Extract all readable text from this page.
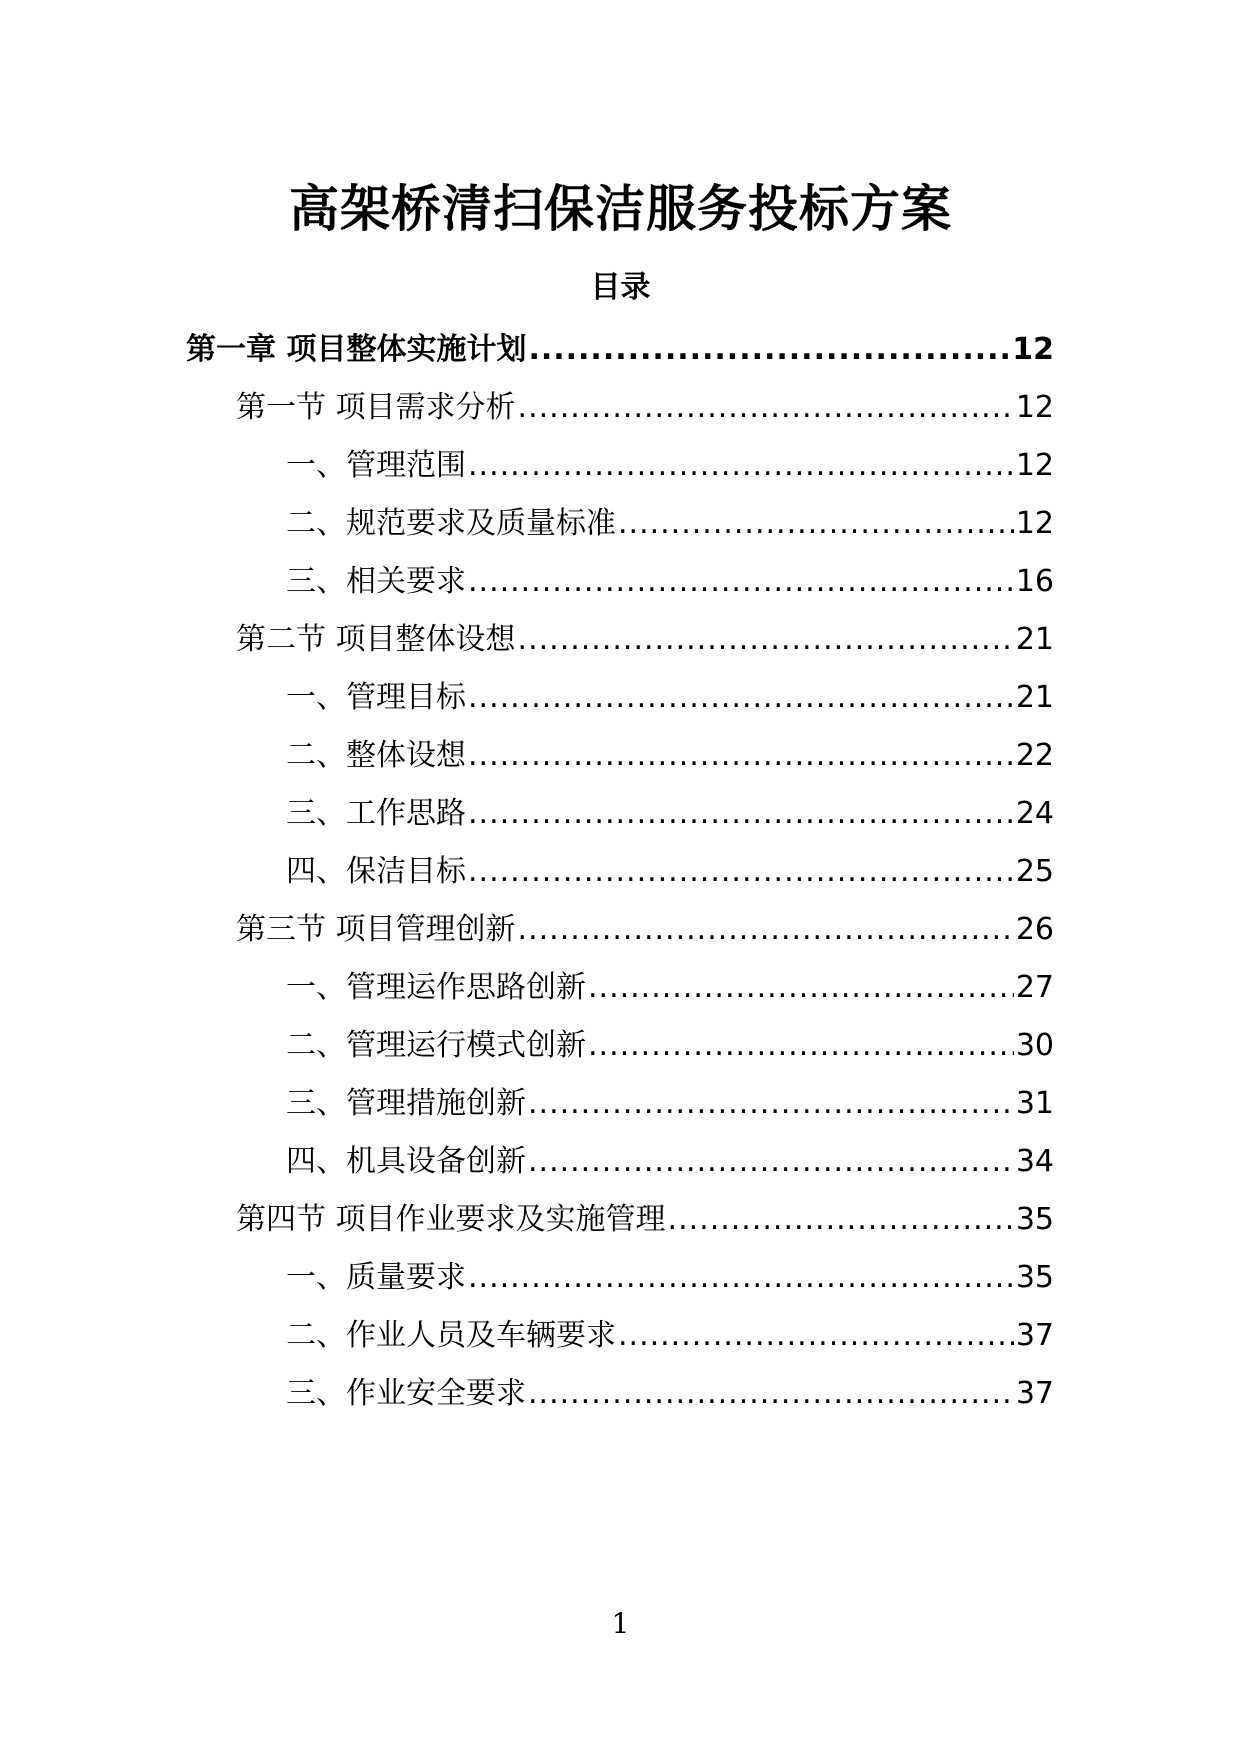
高架桥清扫保洁服务投标方案
目录
第一章 项目整体实施计划 .....	12
第一节 项目需求分析 .....	12
一、管理范围 .....	12
二、规范要求及质量标准 .....	12
三、相关要求 .....	16
第二节 项目整体设想 .....	21
一、管理目标 .....	21
二、整体设想 .....	22
三、工作思路 .....	24
四、保洁目标 .....	25
第三节 项目管理创新 .....	26
一、管理运作思路创新 .....	27
二、管理运行模式创新 .....	30
三、管理措施创新 .....	31
四、机具设备创新 .....	34
第四节 项目作业要求及实施管理 .....	35
一、质量要求 .....	35
二、作业人员及车辆要求 .....	37
三、作业安全要求 .....	37
1
